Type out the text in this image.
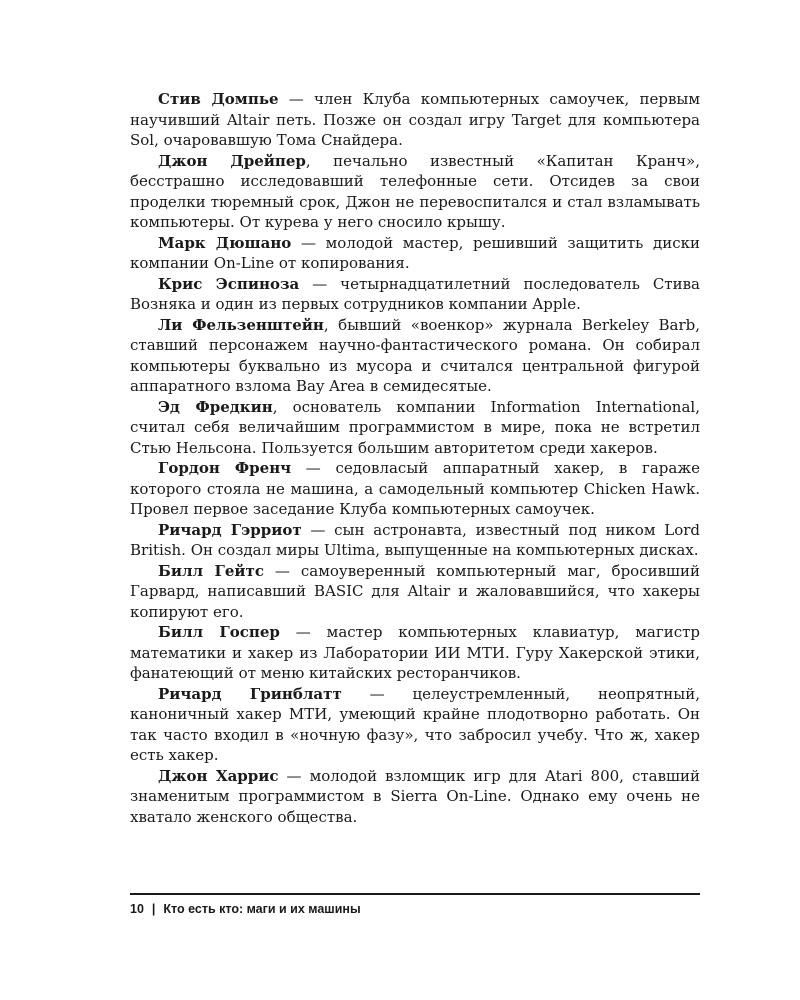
Стив Домпье — член Клуба компьютерных самоучек, первым научивший Altair петь. Позже он создал игру Target для компьютера Sol, очаровавшую Тома Снайдера.

Джон Дрейпер, печально известный «Капитан Кранч», бесстрашно исследовавший телефонные сети. Отсидев за свои проделки тюремный срок, Джон не перевоспитался и стал взламывать компьютеры. От курева у него сносило крышу.

Марк Дюшано — молодой мастер, решивший защитить диски компании On-Line от копирования.

Крис Эспиноза — четырнадцатилетний последователь Стива Возняка и один из первых сотрудников компании Apple.

Ли Фельзенштейн, бывший «военкор» журнала Berkeley Barb, ставший персонажем научно-фантастического романа. Он собирал компьютеры буквально из мусора и считался центральной фигурой аппаратного взлома Bay Area в семидесятые.

Эд Фредкин, основатель компании Information International, считал себя величайшим программистом в мире, пока не встретил Стью Нельсона. Пользуется большим авторитетом среди хакеров.

Гордон Френч — седовласый аппаратный хакер, в гараже которого стояла не машина, а самодельный компьютер Chicken Hawk. Провел первое заседание Клуба компьютерных самоучек.

Ричард Гэрриот — сын астронавта, известный под ником Lord British. Он создал миры Ultima, выпущенные на компьютерных дисках.

Билл Гейтс — самоуверенный компьютерный маг, бросивший Гарвард, написавший BASIC для Altair и жаловавшийся, что хакеры копируют его.

Билл Госпер — мастер компьютерных клавиатур, магистр математики и хакер из Лаборатории ИИ МТИ. Гуру Хакерской этики, фанатеющий от меню китайских ресторанчиков.

Ричард Гринблатт — целеустремленный, неопрятный, каноничный хакер МТИ, умеющий крайне плодотворно работать. Он так часто входил в «ночную фазу», что забросил учебу. Что ж, хакер есть хакер.

Джон Харрис — молодой взломщик игр для Atari 800, ставший знаменитым программистом в Sierra On-Line. Однако ему очень не хватало женского общества.

10 | Кто есть кто: маги и их машины
